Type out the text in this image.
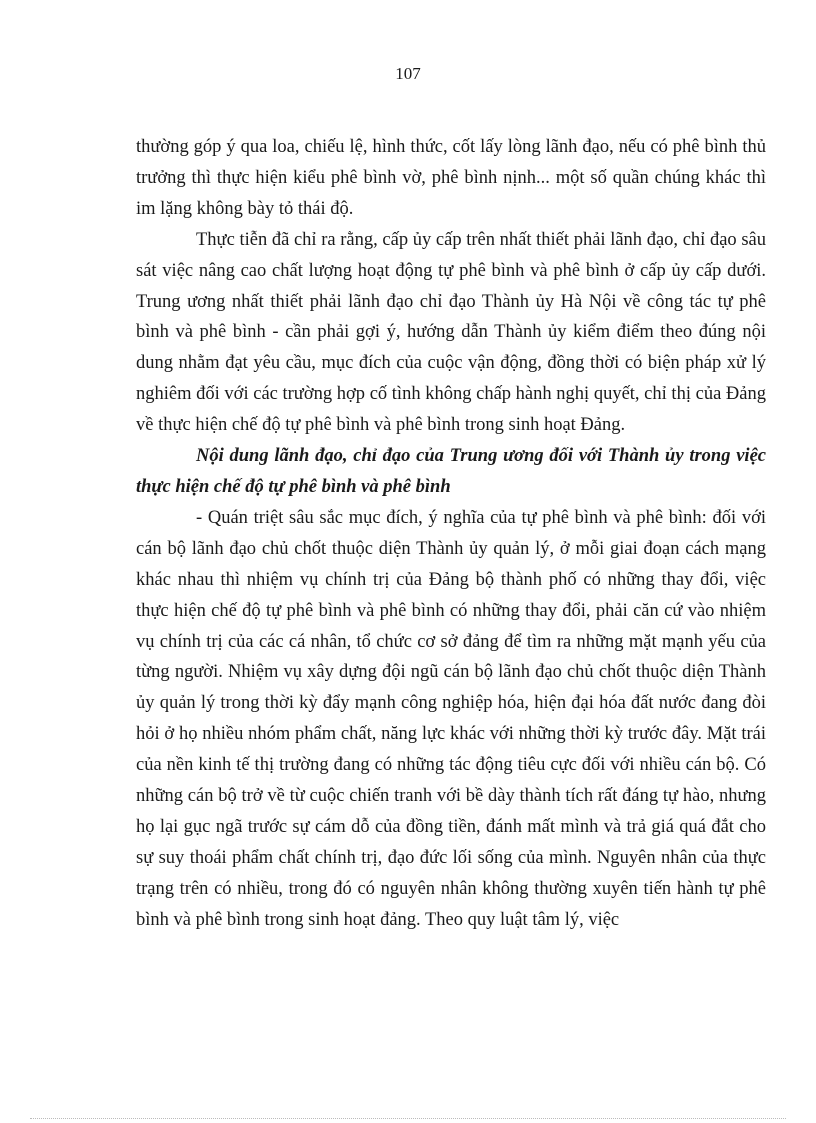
107

thường góp ý qua loa, chiếu lệ, hình thức, cốt lấy lòng lãnh đạo, nếu có phê bình thủ trưởng thì thực hiện kiểu phê bình vờ, phê bình nịnh... một số quần chúng khác thì im lặng không bày tỏ thái độ.

Thực tiễn đã chỉ ra rằng, cấp ủy cấp trên nhất thiết phải lãnh đạo, chỉ đạo sâu sát việc nâng cao chất lượng hoạt động tự phê bình và phê bình ở cấp ủy cấp dưới. Trung ương nhất thiết phải lãnh đạo chỉ đạo Thành ủy Hà Nội về công tác tự phê bình và phê bình - cần phải gợi ý, hướng dẫn Thành ủy kiểm điểm theo đúng nội dung nhằm đạt yêu cầu, mục đích của cuộc vận động, đồng thời có biện pháp xử lý nghiêm đối với các trường hợp cố tình không chấp hành nghị quyết, chỉ thị của Đảng về thực hiện chế độ tự phê bình và phê bình trong sinh hoạt Đảng.

Nội dung lãnh đạo, chỉ đạo của Trung ương đối với Thành ủy trong việc thực hiện chế độ tự phê bình và phê bình

- Quán triệt sâu sắc mục đích, ý nghĩa của tự phê bình và phê bình: đối với cán bộ lãnh đạo chủ chốt thuộc diện Thành ủy quản lý, ở mỗi giai đoạn cách mạng khác nhau thì nhiệm vụ chính trị của Đảng bộ thành phố có những thay đổi, việc thực hiện chế độ tự phê bình và phê bình có những thay đổi, phải căn cứ vào nhiệm vụ chính trị của các cá nhân, tổ chức cơ sở đảng để tìm ra những mặt mạnh yếu của từng người. Nhiệm vụ xây dựng đội ngũ cán bộ lãnh đạo chủ chốt thuộc diện Thành ủy quản lý trong thời kỳ đẩy mạnh công nghiệp hóa, hiện đại hóa đất nước đang đòi hỏi ở họ nhiều nhóm phẩm chất, năng lực khác với những thời kỳ trước đây. Mặt trái của nền kinh tế thị trường đang có những tác động tiêu cực đối với nhiều cán bộ. Có những cán bộ trở về từ cuộc chiến tranh với bề dày thành tích rất đáng tự hào, nhưng họ lại gục ngã trước sự cám dỗ của đồng tiền, đánh mất mình và trả giá quá đắt cho sự suy thoái phẩm chất chính trị, đạo đức lối sống của mình. Nguyên nhân của thực trạng trên có nhiều, trong đó có nguyên nhân không thường xuyên tiến hành tự phê bình và phê bình trong sinh hoạt đảng. Theo quy luật tâm lý, việc
